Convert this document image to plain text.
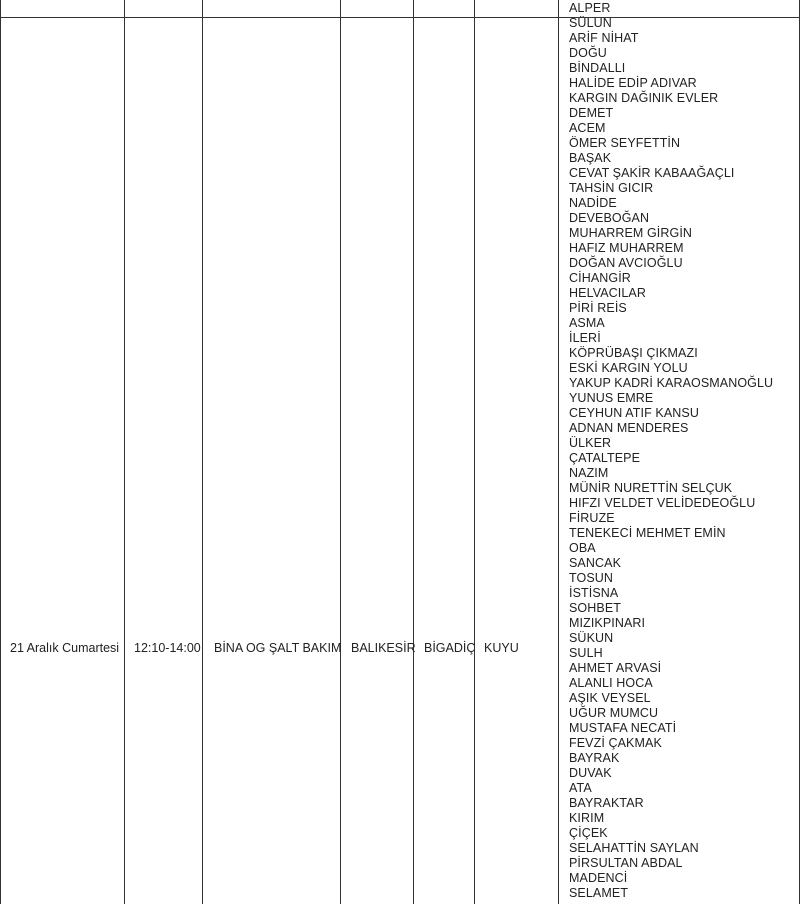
21 Aralık Cumartesi 12:10-14:00 BİNA OG ŞALT BAKIM BALIKESİR BİGADİÇ KUYU
ALPER
SÜLUN
ARİF NİHAT
DOĞU
BİNDALLI
HALİDE EDİP ADIVAR
KARGIN DAĞINIK EVLER
DEMET
ACEM
ÖMER SEYFETTİN
BAŞAK
CEVAT ŞAKİR KABAAĞAÇLI
TAHSİN GICIR
NADİDE
DEVEBOĞAN
MUHARREM GİRGİN
HAFIZ MUHARREM
DOĞAN AVCIOĞLU
CİHANGİR
HELVACILAR
PİRİ REİS
ASMA
İLERİ
KÖPRÜBAŞI ÇIKMAZI
ESKİ KARGIN YOLU
YAKUP KADRİ KARAOSMANOĞLU
YUNUS EMRE
CEYHUN ATIF KANSU
ADNAN MENDERES
ÜLKER
ÇATALTEPE
NAZIM
MÜNİR NURETTİN SELÇUK
HIFZI VELDET VELİDEDEOĞLU
FİRUZE
TENEKECİ MEHMET EMİN
OBA
SANCAK
TOSUN
İSTİSNA
SOHBET
MIZIKPINARI
SÜKUN
SULH
AHMET ARVASİ
ALANLI HOCA
AŞIK VEYSEL
UĞUR MUMCU
MUSTAFA NECATİ
FEVZİ ÇAKMAK
BAYRAK
DUVAK
ATA
BAYRAKTAR
KIRIM
ÇİÇEK
SELAHATTİN SAYLAN
PİRSULTAN ABDAL
MADENCİ
SELAMET
